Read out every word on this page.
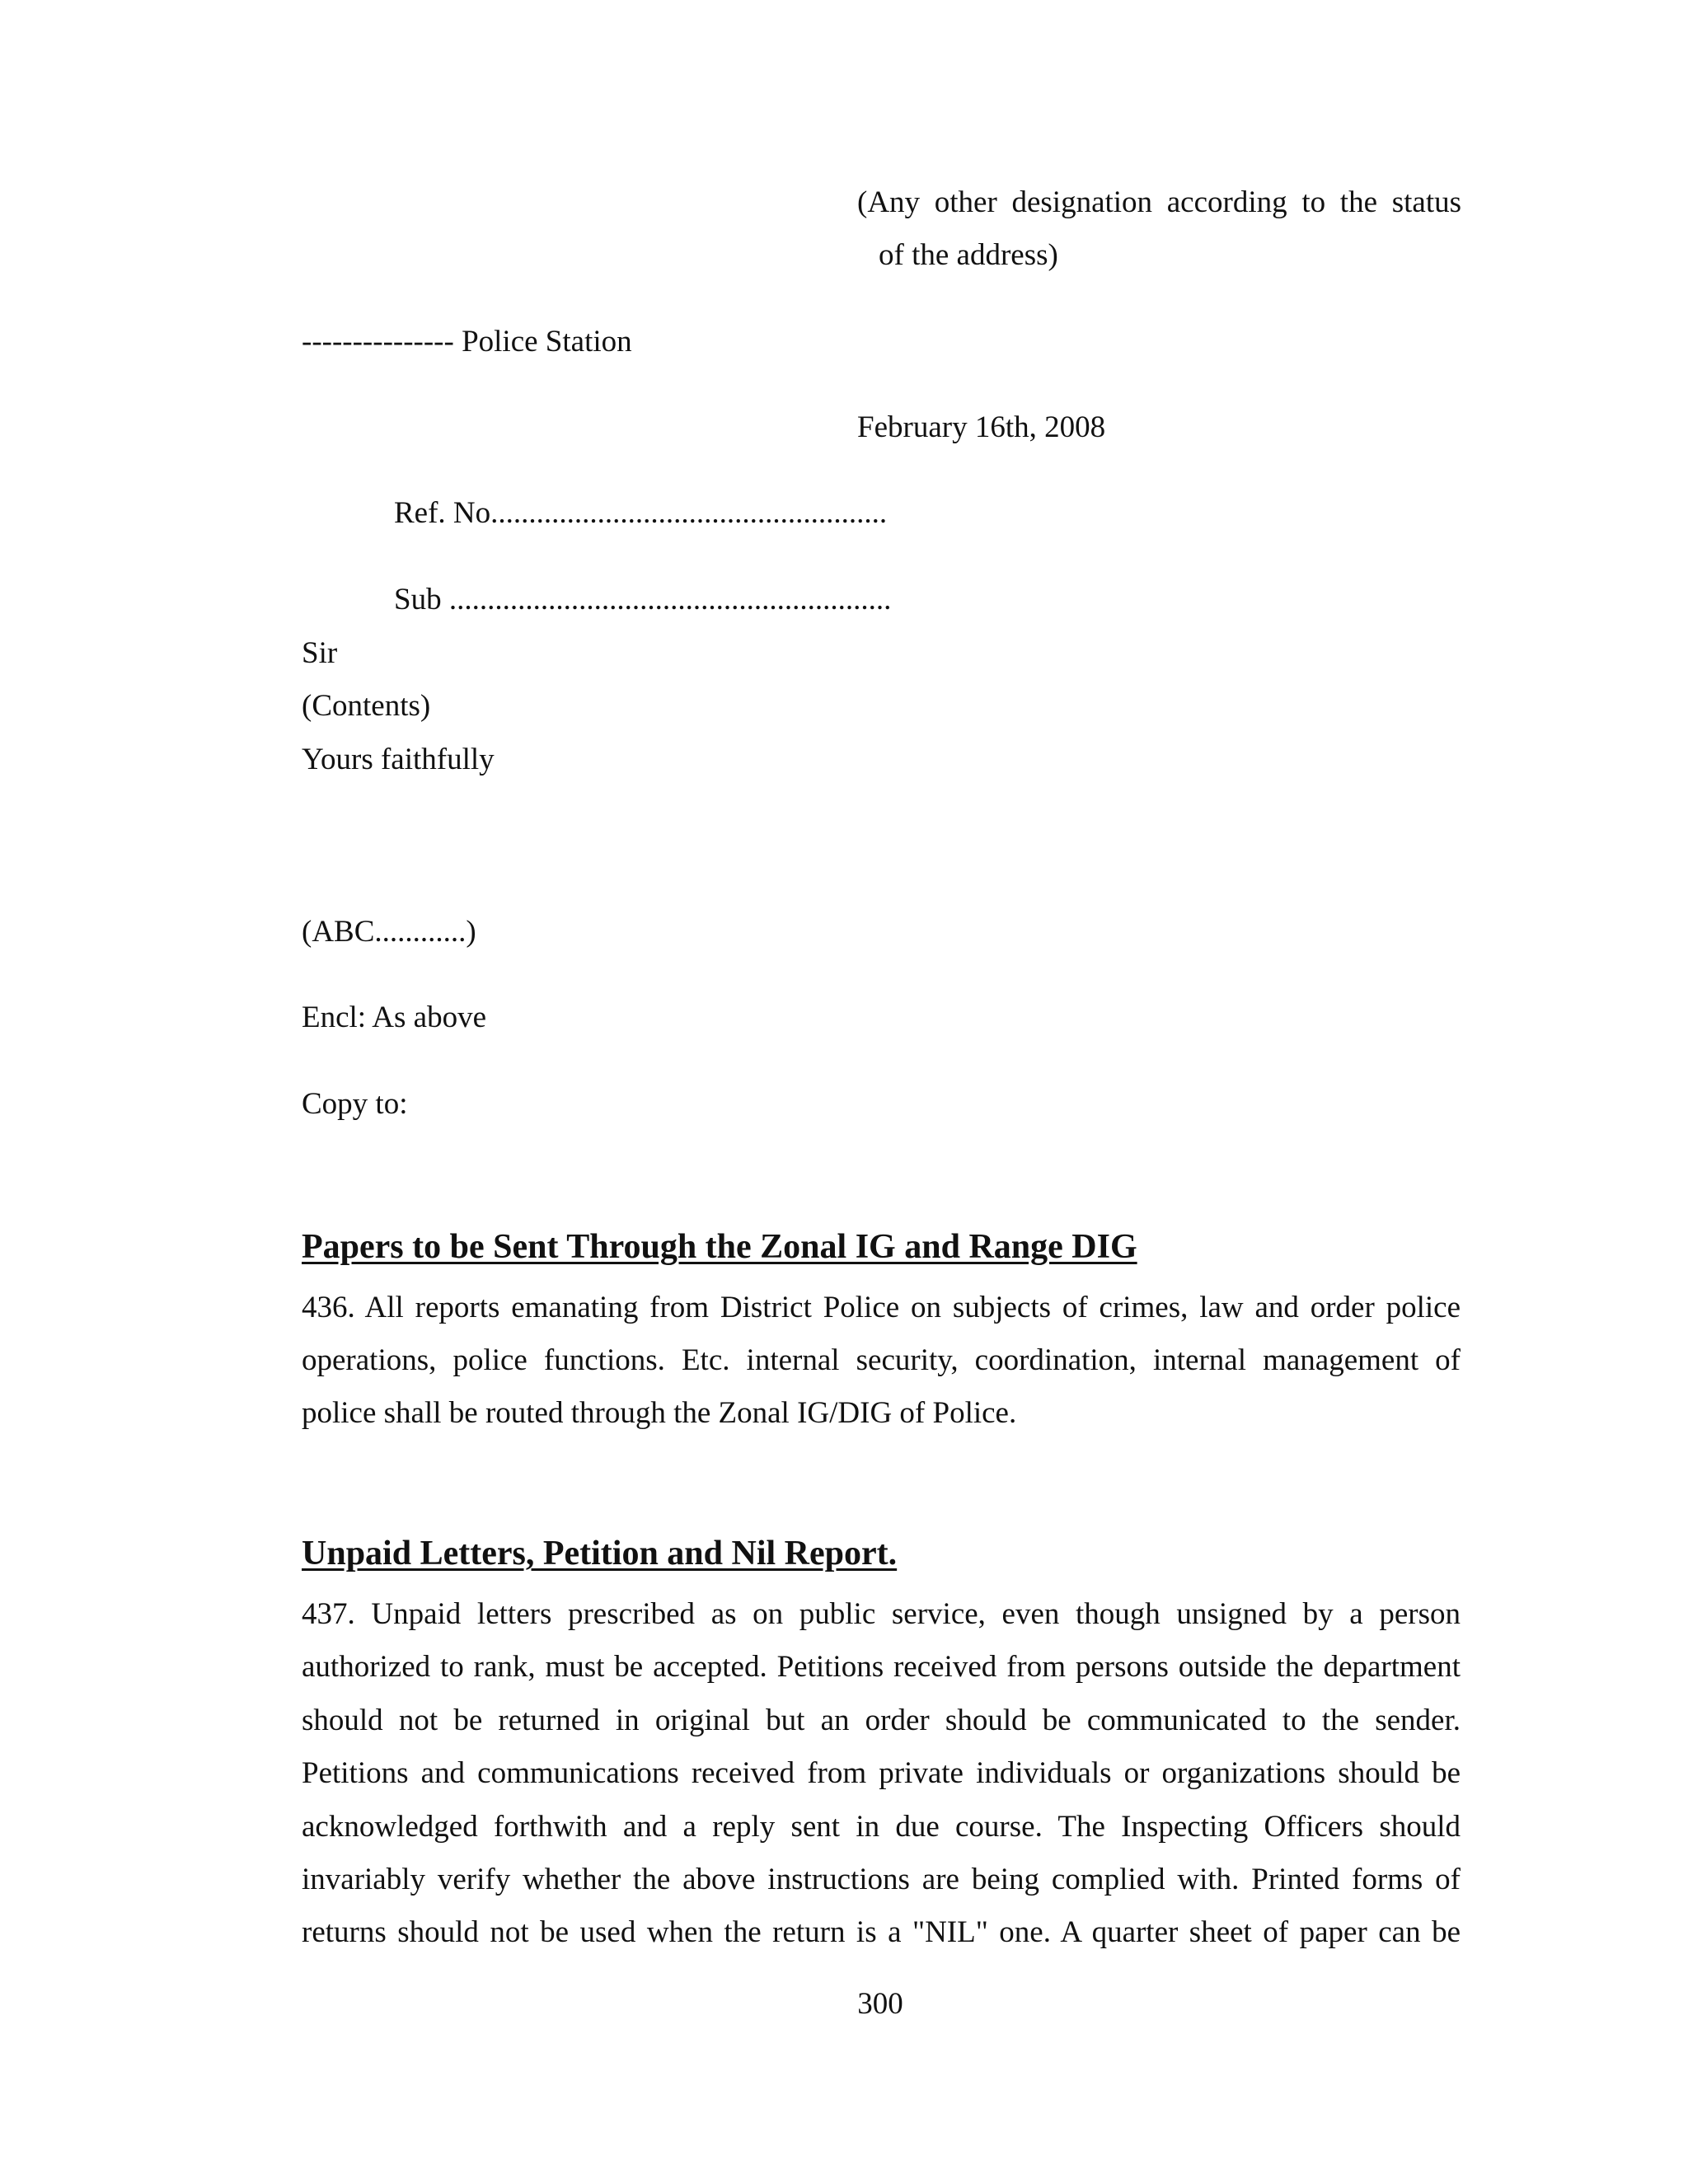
(Any other designation according to the status
of the address)
--------------- Police Station
February 16th, 2008
Ref. No....................................................
Sub ..........................................................
Sir
(Contents)
Yours faithfully
(ABC............)
Encl: As above
Copy to:
Papers to be Sent Through the Zonal IG and Range DIG
436. All reports emanating from District Police on subjects of crimes, law and order police
operations, police functions. Etc. internal security, coordination, internal management of
police shall be routed through the Zonal IG/DIG of Police.
Unpaid Letters, Petition and Nil Report.
437. Unpaid letters prescribed as on public service, even though unsigned by a person
authorized to rank, must be accepted. Petitions received from persons outside the department
should not be returned in original but an order should be communicated to the sender.
Petitions and communications received from private individuals or organizations should be
acknowledged forthwith and a reply sent in due course. The Inspecting Officers should
invariably verify whether the above instructions are being complied with. Printed forms of
returns should not be used when the return is a "NIL" one. A quarter sheet of paper can be
300
